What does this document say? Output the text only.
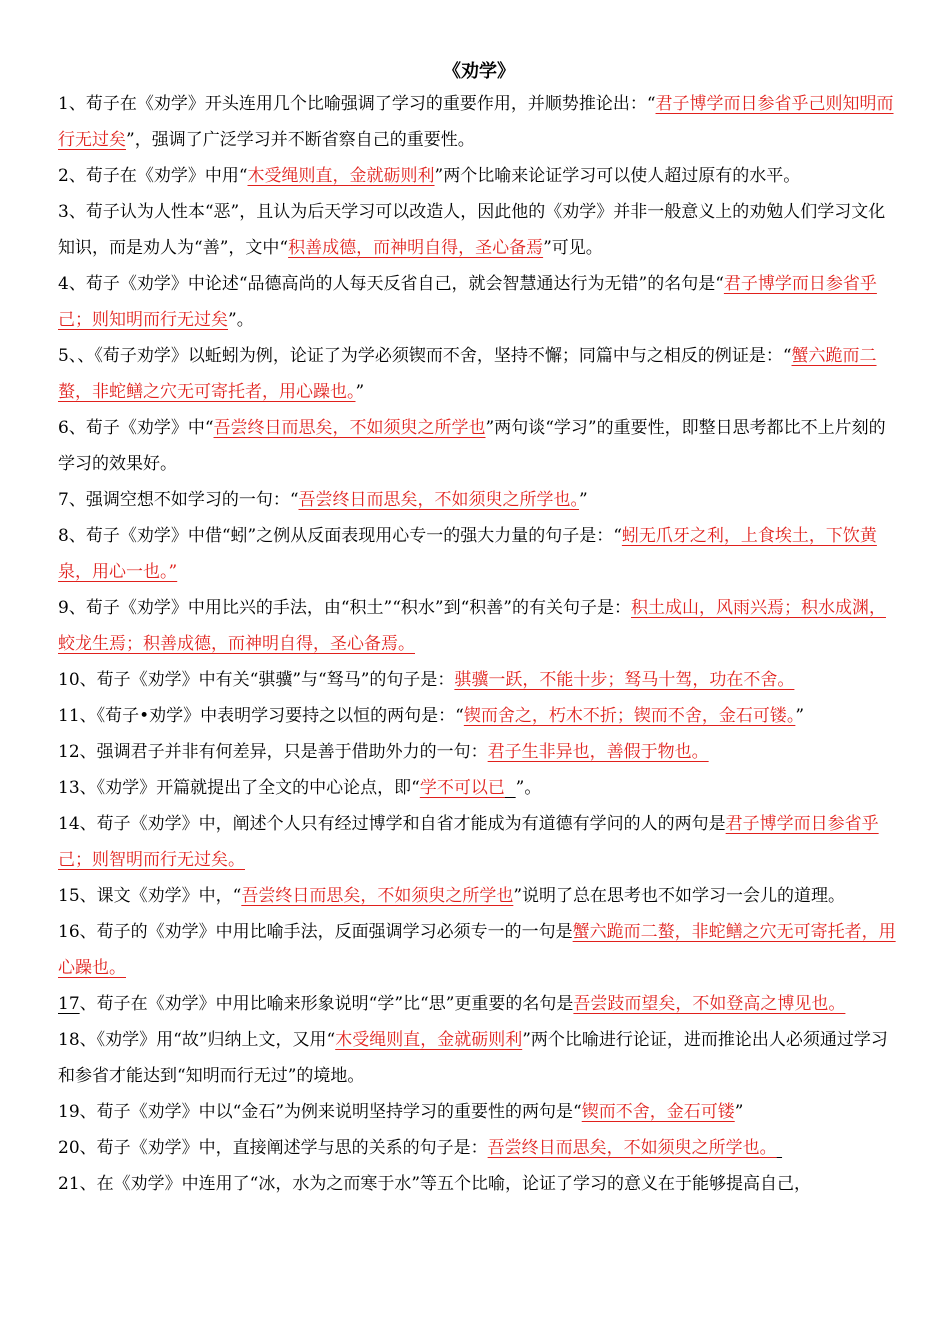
《劝学》

1、荀子在《劝学》开头连用几个比喻强调了学习的重要作用，并顺势推论出：“君子博学而日参省乎己则知明而行无过矣”，强调了广泛学习并不断省察自己的重要性。

2、荀子在《劝学》中用“木受绳则直，金就砺则利”两个比喻来论证学习可以使人超过原有的水平。

3、荀子认为人性本“恶”，且认为后天学习可以改造人，因此他的《劝学》并非一般意义上的劝勉人们学习文化知识，而是劝人为“善”，文中“积善成德，而神明自得，圣心备焉”可见。

4、荀子《劝学》中论述“品德高尚的人每天反省自己，就会智慧通达行为无错”的名句是“君子博学而日参省乎己；则知明而行无过矣”。

5、、《荀子劝学》以蚯蚓为例，论证了为学必须锲而不舍，坚持不懈；同篇中与之相反的例证是：“蟹六跪而二螯，非蛇鳝之穴无可寄托者，用心躁也。”

6、荀子《劝学》中“吾尝终日而思矣，不如须臾之所学也”两句谈“学习”的重要性，即整日思考都比不上片刻的学习的效果好。

7、强调空想不如学习的一句：“吾尝终日而思矣，不如须臾之所学也。”

8、荀子《劝学》中借“蚓”之例从反面表现用心专一的强大力量的句子是：“蚓无爪牙之利，上食埃土，下饮黄泉，用心一也。”

9、荀子《劝学》中用比兴的手法，由“积土”“积水”到“积善”的有关句子是：积土成山，风雨兴焉；积水成渊，蛟龙生焉；积善成德，而神明自得，圣心备焉。

10、荀子《劝学》中有关“骐骥”与“驽马”的句子是：骐骥一跃，不能十步；驽马十驾，功在不舍。

11、《荀子•劝学》中表明学习要持之以恒的两句是：“锲而舍之，朽木不折；锲而不舍，金石可镂。”

12、强调君子并非有何差异，只是善于借助外力的一句：君子生非异也，善假于物也。

13、《劝学》开篇就提出了全文的中心论点，即“学不可以已 ”。

14、荀子《劝学》中，阐述个人只有经过博学和自省才能成为有道德有学问的人的两句是君子博学而日参省乎己；则智明而行无过矣。

15、课文《劝学》中，“吾尝终日而思矣，不如须臾之所学也”说明了总在思考也不如学习一会儿的道理。

16、荀子的《劝学》中用比喻手法，反面强调学习必须专一的一句是蟹六跪而二螯，非蛇鳝之穴无可寄托者，用心躁也。

17、荀子在《劝学》中用比喻来形象说明“学”比“思”更重要的名句是吾尝跂而望矣，不如登高之博见也。

18、《劝学》用“故”归纳上文，又用“木受绳则直，金就砺则利”两个比喻进行论证，进而推论出人必须通过学习和参省才能达到“知明而行无过”的境地。

19、荀子《劝学》中以“金石”为例来说明坚持学习的重要性的两句是“锲而不舍，金石可镂”

20、荀子《劝学》中，直接阐述学与思的关系的句子是：吾尝终日而思矣，不如须臾之所学也。

21、在《劝学》中连用了“冰，水为之而寒于水”等五个比喻，论证了学习的意义在于能够提高自己，
